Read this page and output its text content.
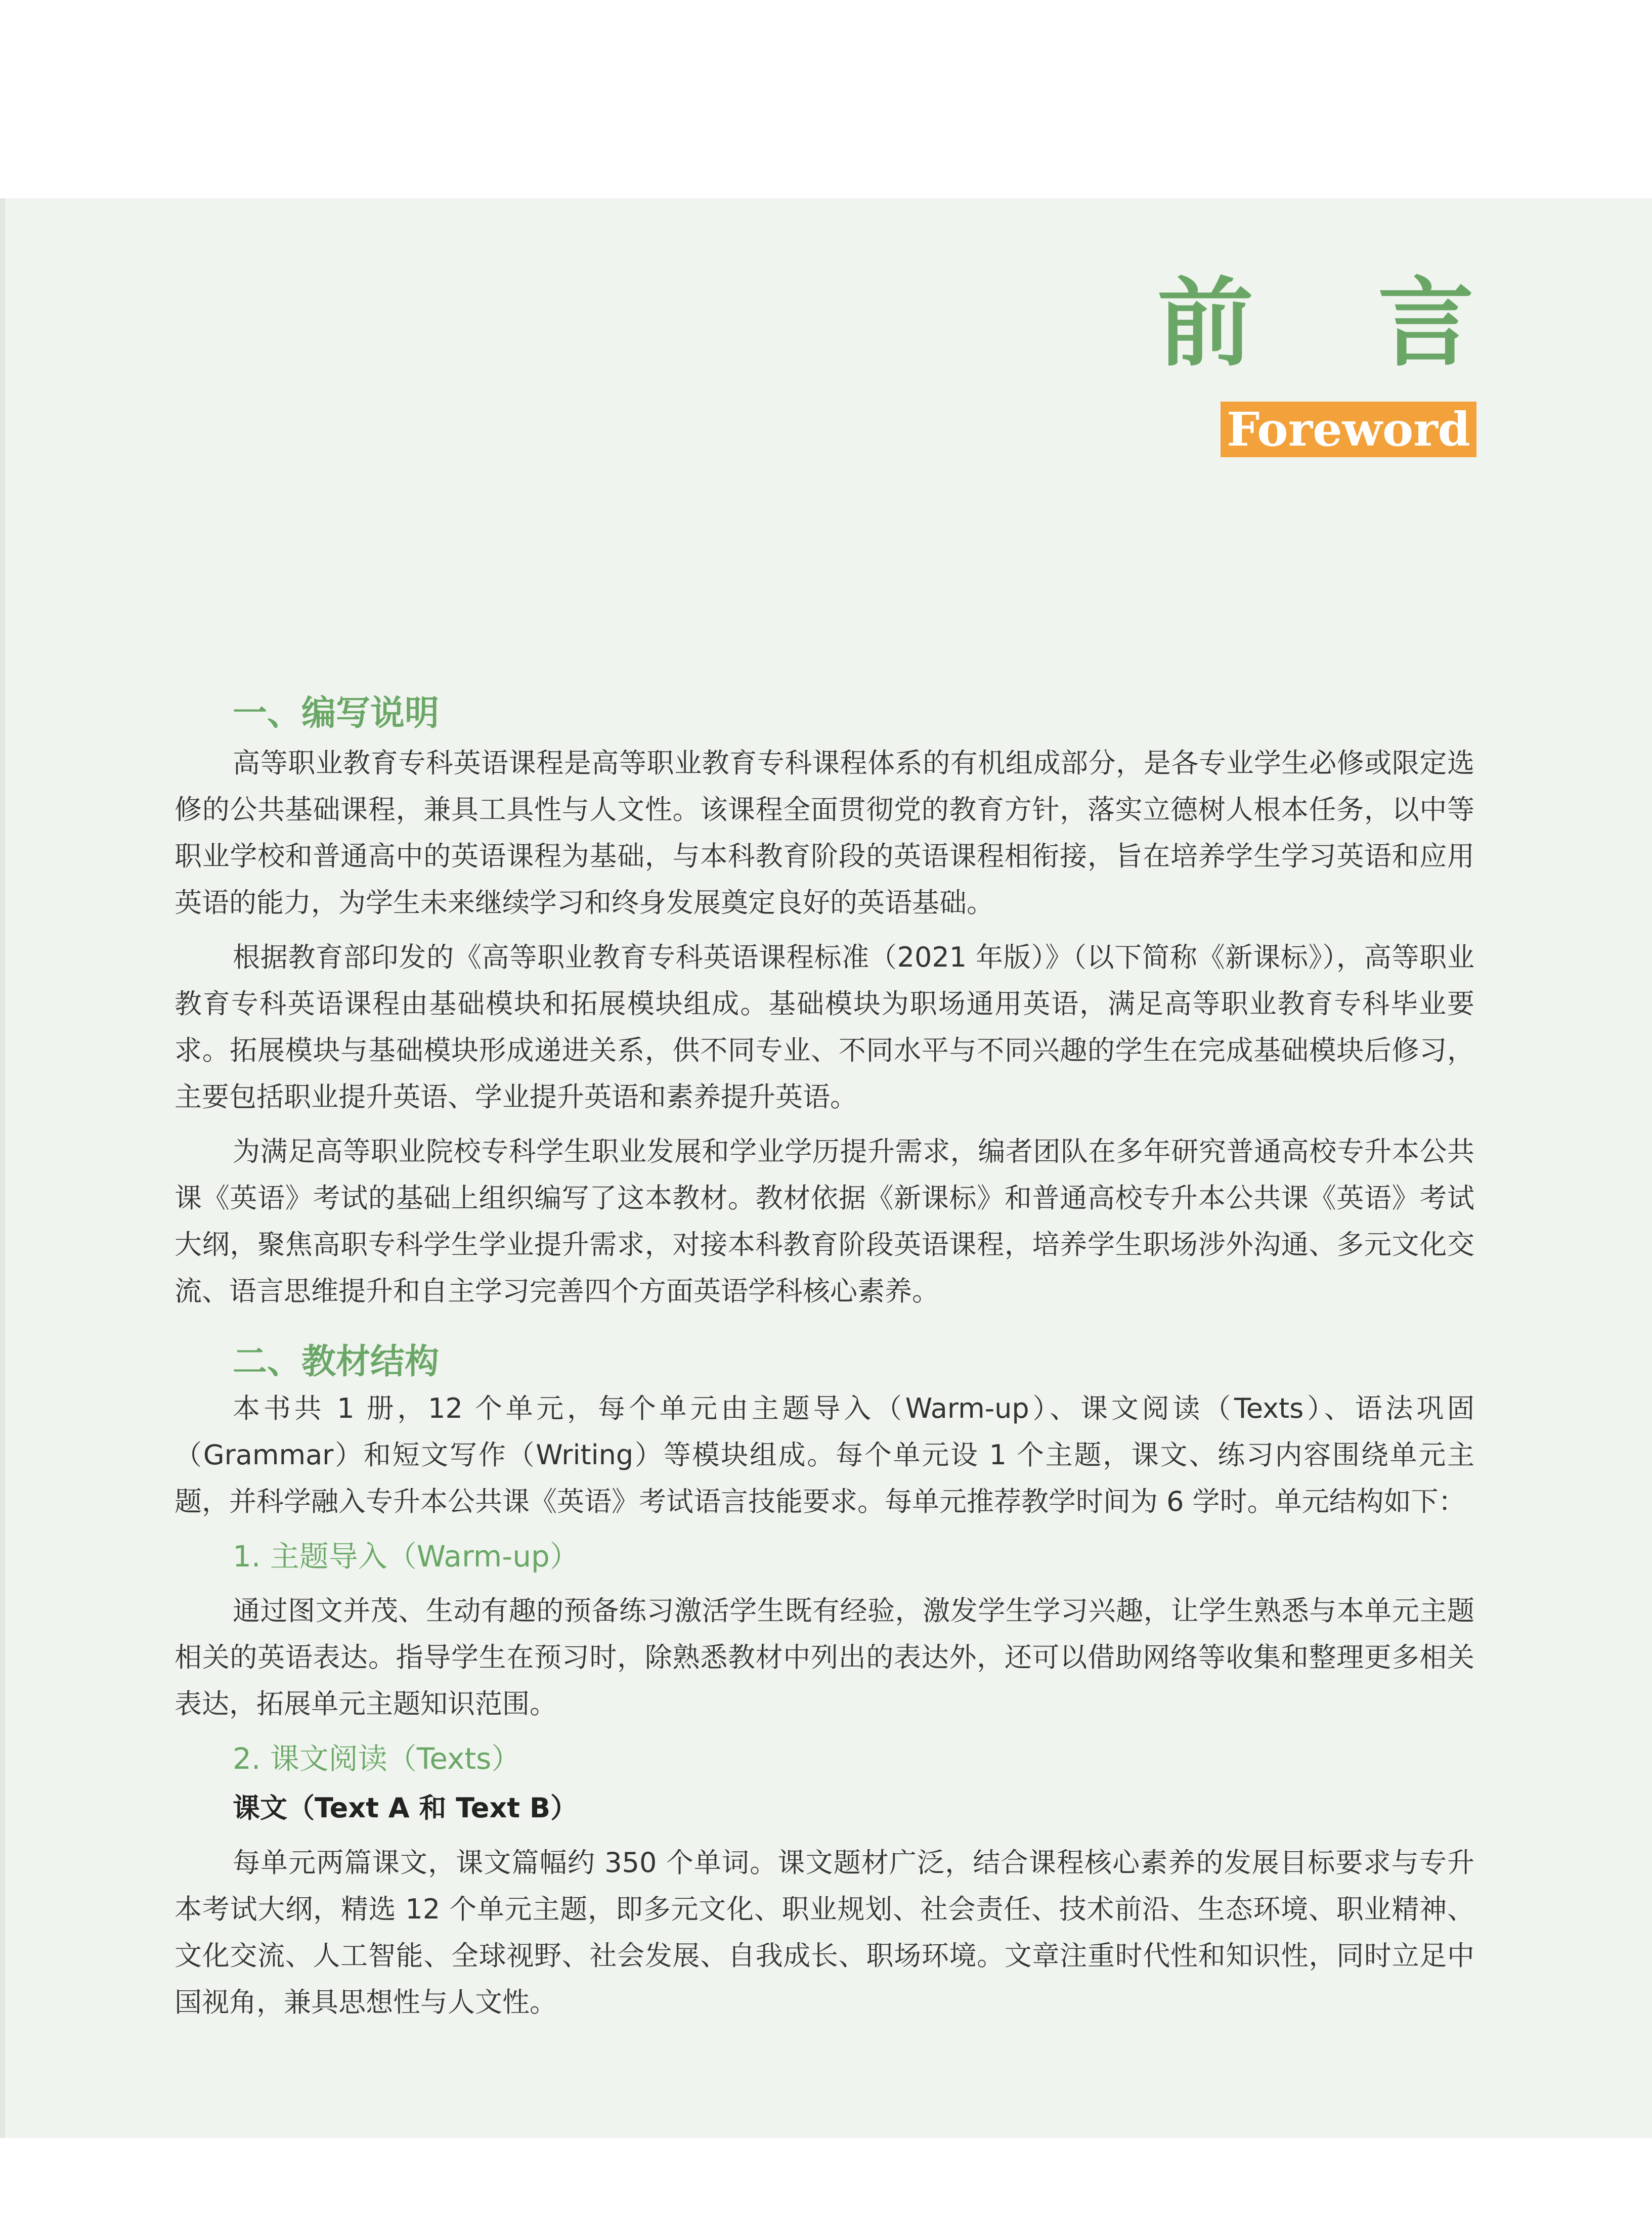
前 言
Foreword
一、编写说明

高等职业教育专科英语课程是高等职业教育专科课程体系的有机组成部分，是各专业学生必修或限定选修的公共基础课程，兼具工具性与人文性。该课程全面贯彻党的教育方针，落实立德树人根本任务，以中等职业学校和普通高中的英语课程为基础，与本科教育阶段的英语课程相衔接，旨在培养学生学习英语和应用英语的能力，为学生未来继续学习和终身发展奠定良好的英语基础。

根据教育部印发的《高等职业教育专科英语课程标准（2021 年版）》（以下简称《新课标》），高等职业教育专科英语课程由基础模块和拓展模块组成。基础模块为职场通用英语，满足高等职业教育专科毕业要求。拓展模块与基础模块形成递进关系，供不同专业、不同水平与不同兴趣的学生在完成基础模块后修习，主要包括职业提升英语、学业提升英语和素养提升英语。

为满足高等职业院校专科学生职业发展和学业学历提升需求，编者团队在多年研究普通高校专升本公共课《英语》考试的基础上组织编写了这本教材。教材依据《新课标》和普通高校专升本公共课《英语》考试大纲，聚焦高职专科学生学业提升需求，对接本科教育阶段英语课程，培养学生职场涉外沟通、多元文化交流、语言思维提升和自主学习完善四个方面英语学科核心素养。

二、教材结构

本书共 1 册，12 个单元，每个单元由主题导入（Warm-up）、课文阅读（Texts）、语法巩固（Grammar）和短文写作（Writing）等模块组成。每个单元设 1 个主题，课文、练习内容围绕单元主题，并科学融入专升本公共课《英语》考试语言技能要求。每单元推荐教学时间为 6 学时。单元结构如下：

1. 主题导入（Warm-up）

通过图文并茂、生动有趣的预备练习激活学生既有经验，激发学生学习兴趣，让学生熟悉与本单元主题相关的英语表达。指导学生在预习时，除熟悉教材中列出的表达外，还可以借助网络等收集和整理更多相关表达，拓展单元主题知识范围。

2. 课文阅读（Texts）
课文（Text A 和 Text B）

每单元两篇课文，课文篇幅约 350 个单词。课文题材广泛，结合课程核心素养的发展目标要求与专升本考试大纲，精选 12 个单元主题，即多元文化、职业规划、社会责任、技术前沿、生态环境、职业精神、文化交流、人工智能、全球视野、社会发展、自我成长、职场环境。文章注重时代性和知识性，同时立足中国视角，兼具思想性与人文性。
